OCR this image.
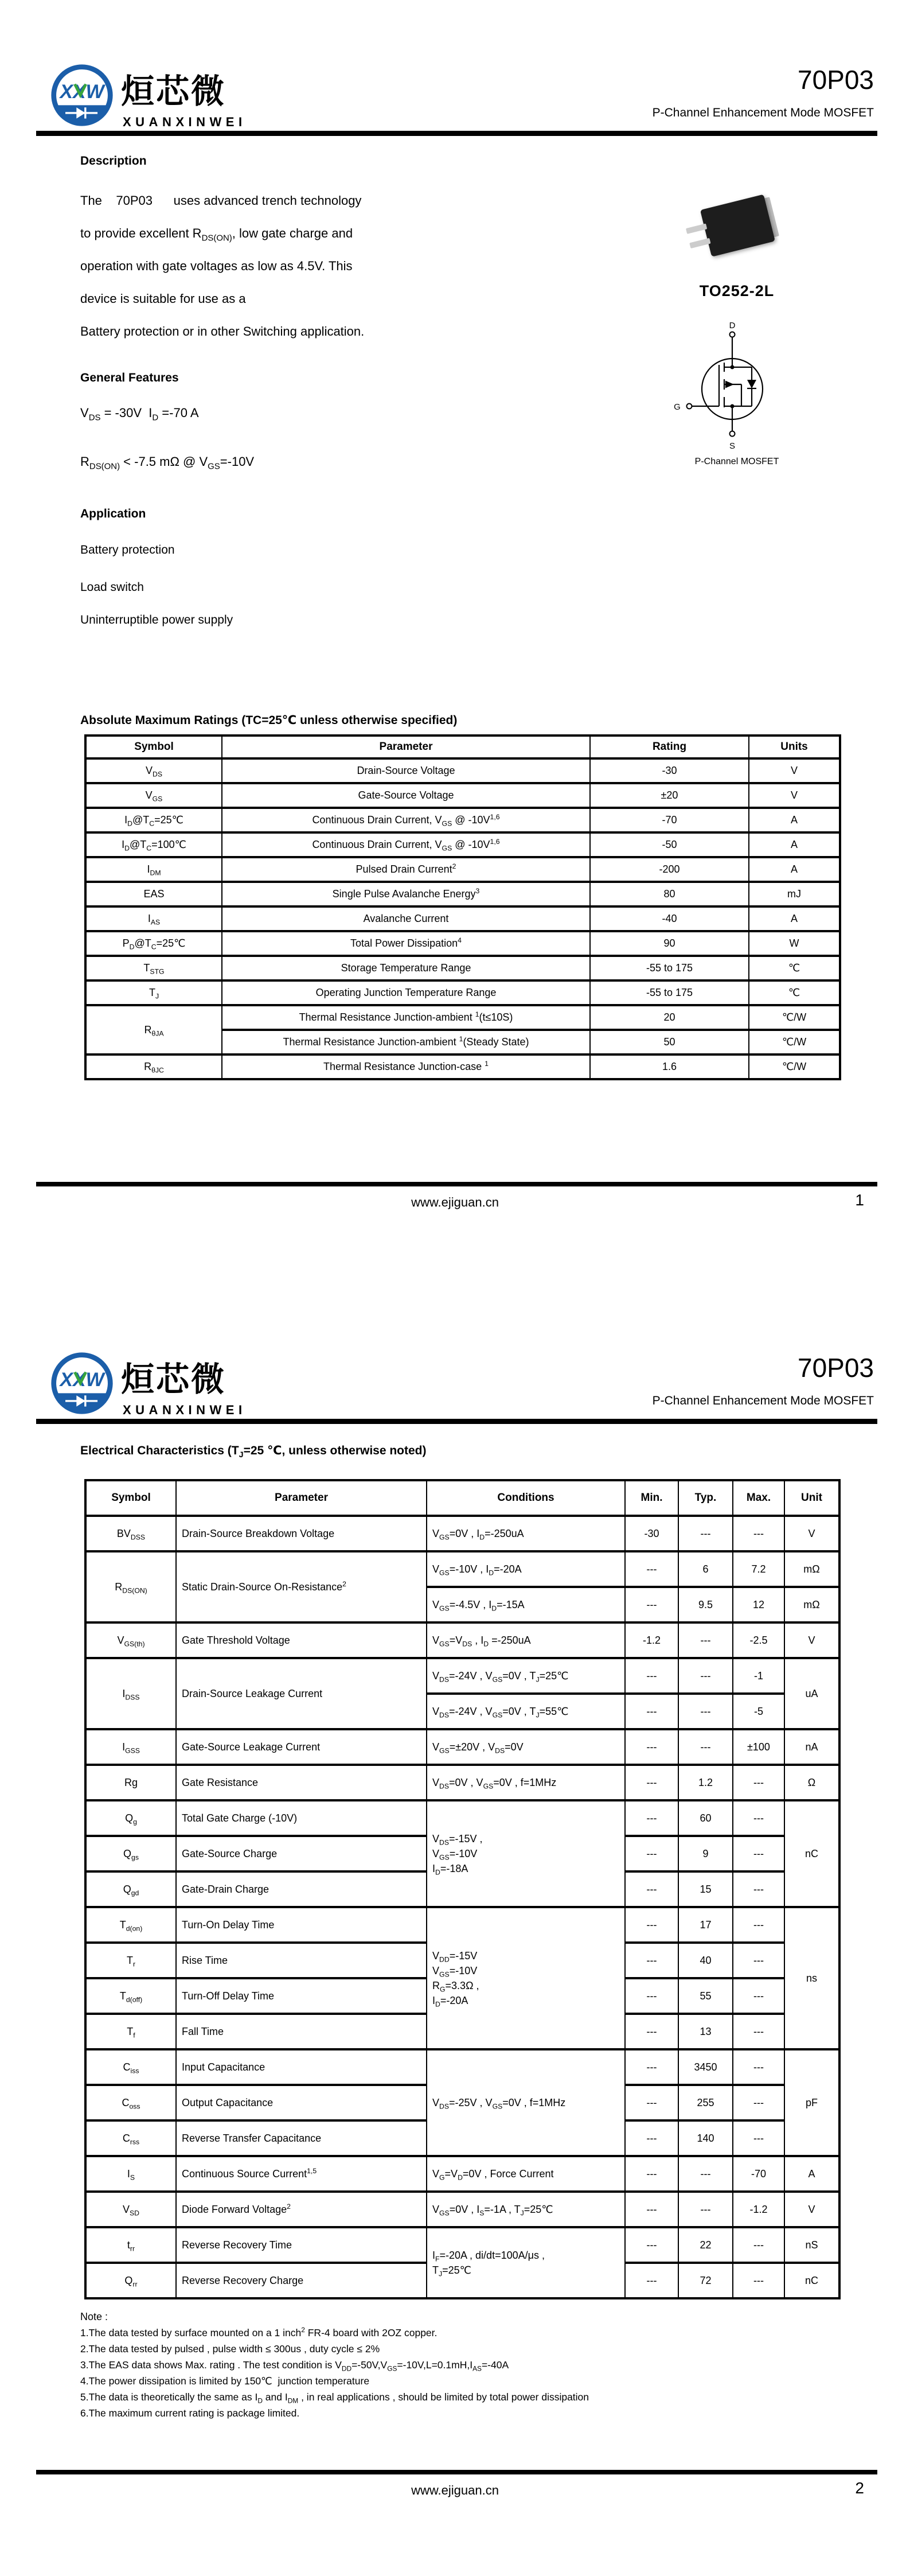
XXW 烜芯微
XUANXINWEI
70P03
P-Channel Enhancement Mode MOSFET
Description
The    70P03      uses advanced trench technology
to provide excellent $R_{DS(ON)}$, low gate charge and
operation with gate voltages as low as 4.5V. This
device is suitable for use as a
Battery protection or in other Switching application.
General Features
$V_{DS} = -30V$  $I_D =-70$ A
$R_{DS(ON)} < -7.5$ mΩ @ $V_{GS}=-10V$
Application
Battery protection
Load switch
Uninterruptible power supply
TO252-2L
D
G
S
P-Channel MOSFET
Absolute Maximum Ratings (TC=25℃ unless otherwise specified)
Symbol	Parameter	Rating	Units
$V_{DS}$	Drain-Source Voltage	-30	V
$V_{GS}$	Gate-Source Voltage	±20	V
$I_D@T_C=25℃$	Continuous Drain Current, $V_{GS}$ @ $-10V^{1,6}$	-70	A
$I_D@T_C=100℃$	Continuous Drain Current, $V_{GS}$ @ $-10V^{1,6}$	-50	A
$I_{DM}$	Pulsed Drain Current$^2$	-200	A
EAS	Single Pulse Avalanche Energy$^3$	80	mJ
$I_{AS}$	Avalanche Current	-40	A
$P_D@T_C=25℃$	Total Power Dissipation$^4$	90	W
$T_{STG}$	Storage Temperature Range	-55 to 175	℃
$T_J$	Operating Junction Temperature Range	-55 to 175	℃
$R_{\theta JA}$	Thermal Resistance Junction-ambient $^1$(t≤10S)	20	℃/W
	Thermal Resistance Junction-ambient $^1$(Steady State)	50	℃/W
$R_{\theta JC}$	Thermal Resistance Junction-case $^1$	1.6	℃/W
www.ejiguan.cn	1
XXW 烜芯微
XUANXINWEI
70P03
P-Channel Enhancement Mode MOSFET
Electrical Characteristics ($T_J=25$ ℃, unless otherwise noted)
Symbol	Parameter	Conditions	Min.	Typ.	Max.	Unit
$BV_{DSS}$	Drain-Source Breakdown Voltage	$V_{GS}=0V$ , $I_D=-250uA$	-30	---	---	V
$R_{DS(ON)}$	Static Drain-Source On-Resistance$^2$	$V_{GS}=-10V$ , $I_D=-20A$	---	6	7.2	mΩ
		$V_{GS}=-4.5V$ , $I_D=-15A$	---	9.5	12	mΩ
$V_{GS(th)}$	Gate Threshold Voltage	$V_{GS}=V_{DS}$ , $I_D =-250uA$	-1.2	---	-2.5	V
$I_{DSS}$	Drain-Source Leakage Current	$V_{DS}=-24V$ , $V_{GS}=0V$ , $T_J=25℃$	---	---	-1	uA
		$V_{DS}=-24V$ , $V_{GS}=0V$ , $T_J=55℃$	---	---	-5	
$I_{GSS}$	Gate-Source Leakage Current	$V_{GS}=\pm 20V$ , $V_{DS}=0V$	---	---	±100	nA
Rg	Gate Resistance	$V_{DS}=0V$ , $V_{GS}=0V$ , f=1MHz	---	1.2	---	Ω
$Q_g$	Total Gate Charge (-10V)	$V_{DS}=-15V$ ,
$V_{GS}=-10V$
$I_D=-18A$	---	60	---	nC
$Q_{gs}$	Gate-Source Charge		---	9	---	
$Q_{gd}$	Gate-Drain Charge		---	15	---	
$T_{d(on)}$	Turn-On Delay Time	$V_{DD}=-15V$
$V_{GS}=-10V$
$R_G=3.3\Omega$ ,
$I_D=-20A$	---	17	---	ns
$T_r$	Rise Time		---	40	---	
$T_{d(off)}$	Turn-Off Delay Time		---	55	---	
$T_f$	Fall Time		---	13	---	
$C_{iss}$	Input Capacitance	$V_{DS}=-25V$ , $V_{GS}=0V$ , f=1MHz	---	3450	---	pF
$C_{oss}$	Output Capacitance		---	255	---	
$C_{rss}$	Reverse Transfer Capacitance		---	140	---	
$I_S$	Continuous Source Current$^{1,5}$	$V_G=V_D=0V$ , Force Current	---	---	-70	A
$V_{SD}$	Diode Forward Voltage$^2$	$V_{GS}=0V$ , $I_S=-1A$ , $T_J=25℃$	---	---	-1.2	V
$t_{rr}$	Reverse Recovery Time	$I_F=-20A$ , di/dt=100A/μs ,
$T_J=25℃$	---	22	---	nS
$Q_{rr}$	Reverse Recovery Charge		---	72	---	nC

Note :

1.The data tested by surface mounted on a 1 inch$^2$ FR-4 board with 2OZ copper.

2.The data tested by pulsed , pulse width ≤ 300us , duty cycle ≤ 2%

3.The EAS data shows Max. rating . The test condition is $V_{DD}=-50V,V_{GS}=-10V,L=0.1mH,I_{AS}=-40A$

4.The power dissipation is limited by 150℃  junction temperature

5.The data is theoretically the same as $I_D$ and $I_{DM}$ , in real applications , should be limited by total power dissipation

6.The maximum current rating is package limited.

www.ejiguan.cn	2
